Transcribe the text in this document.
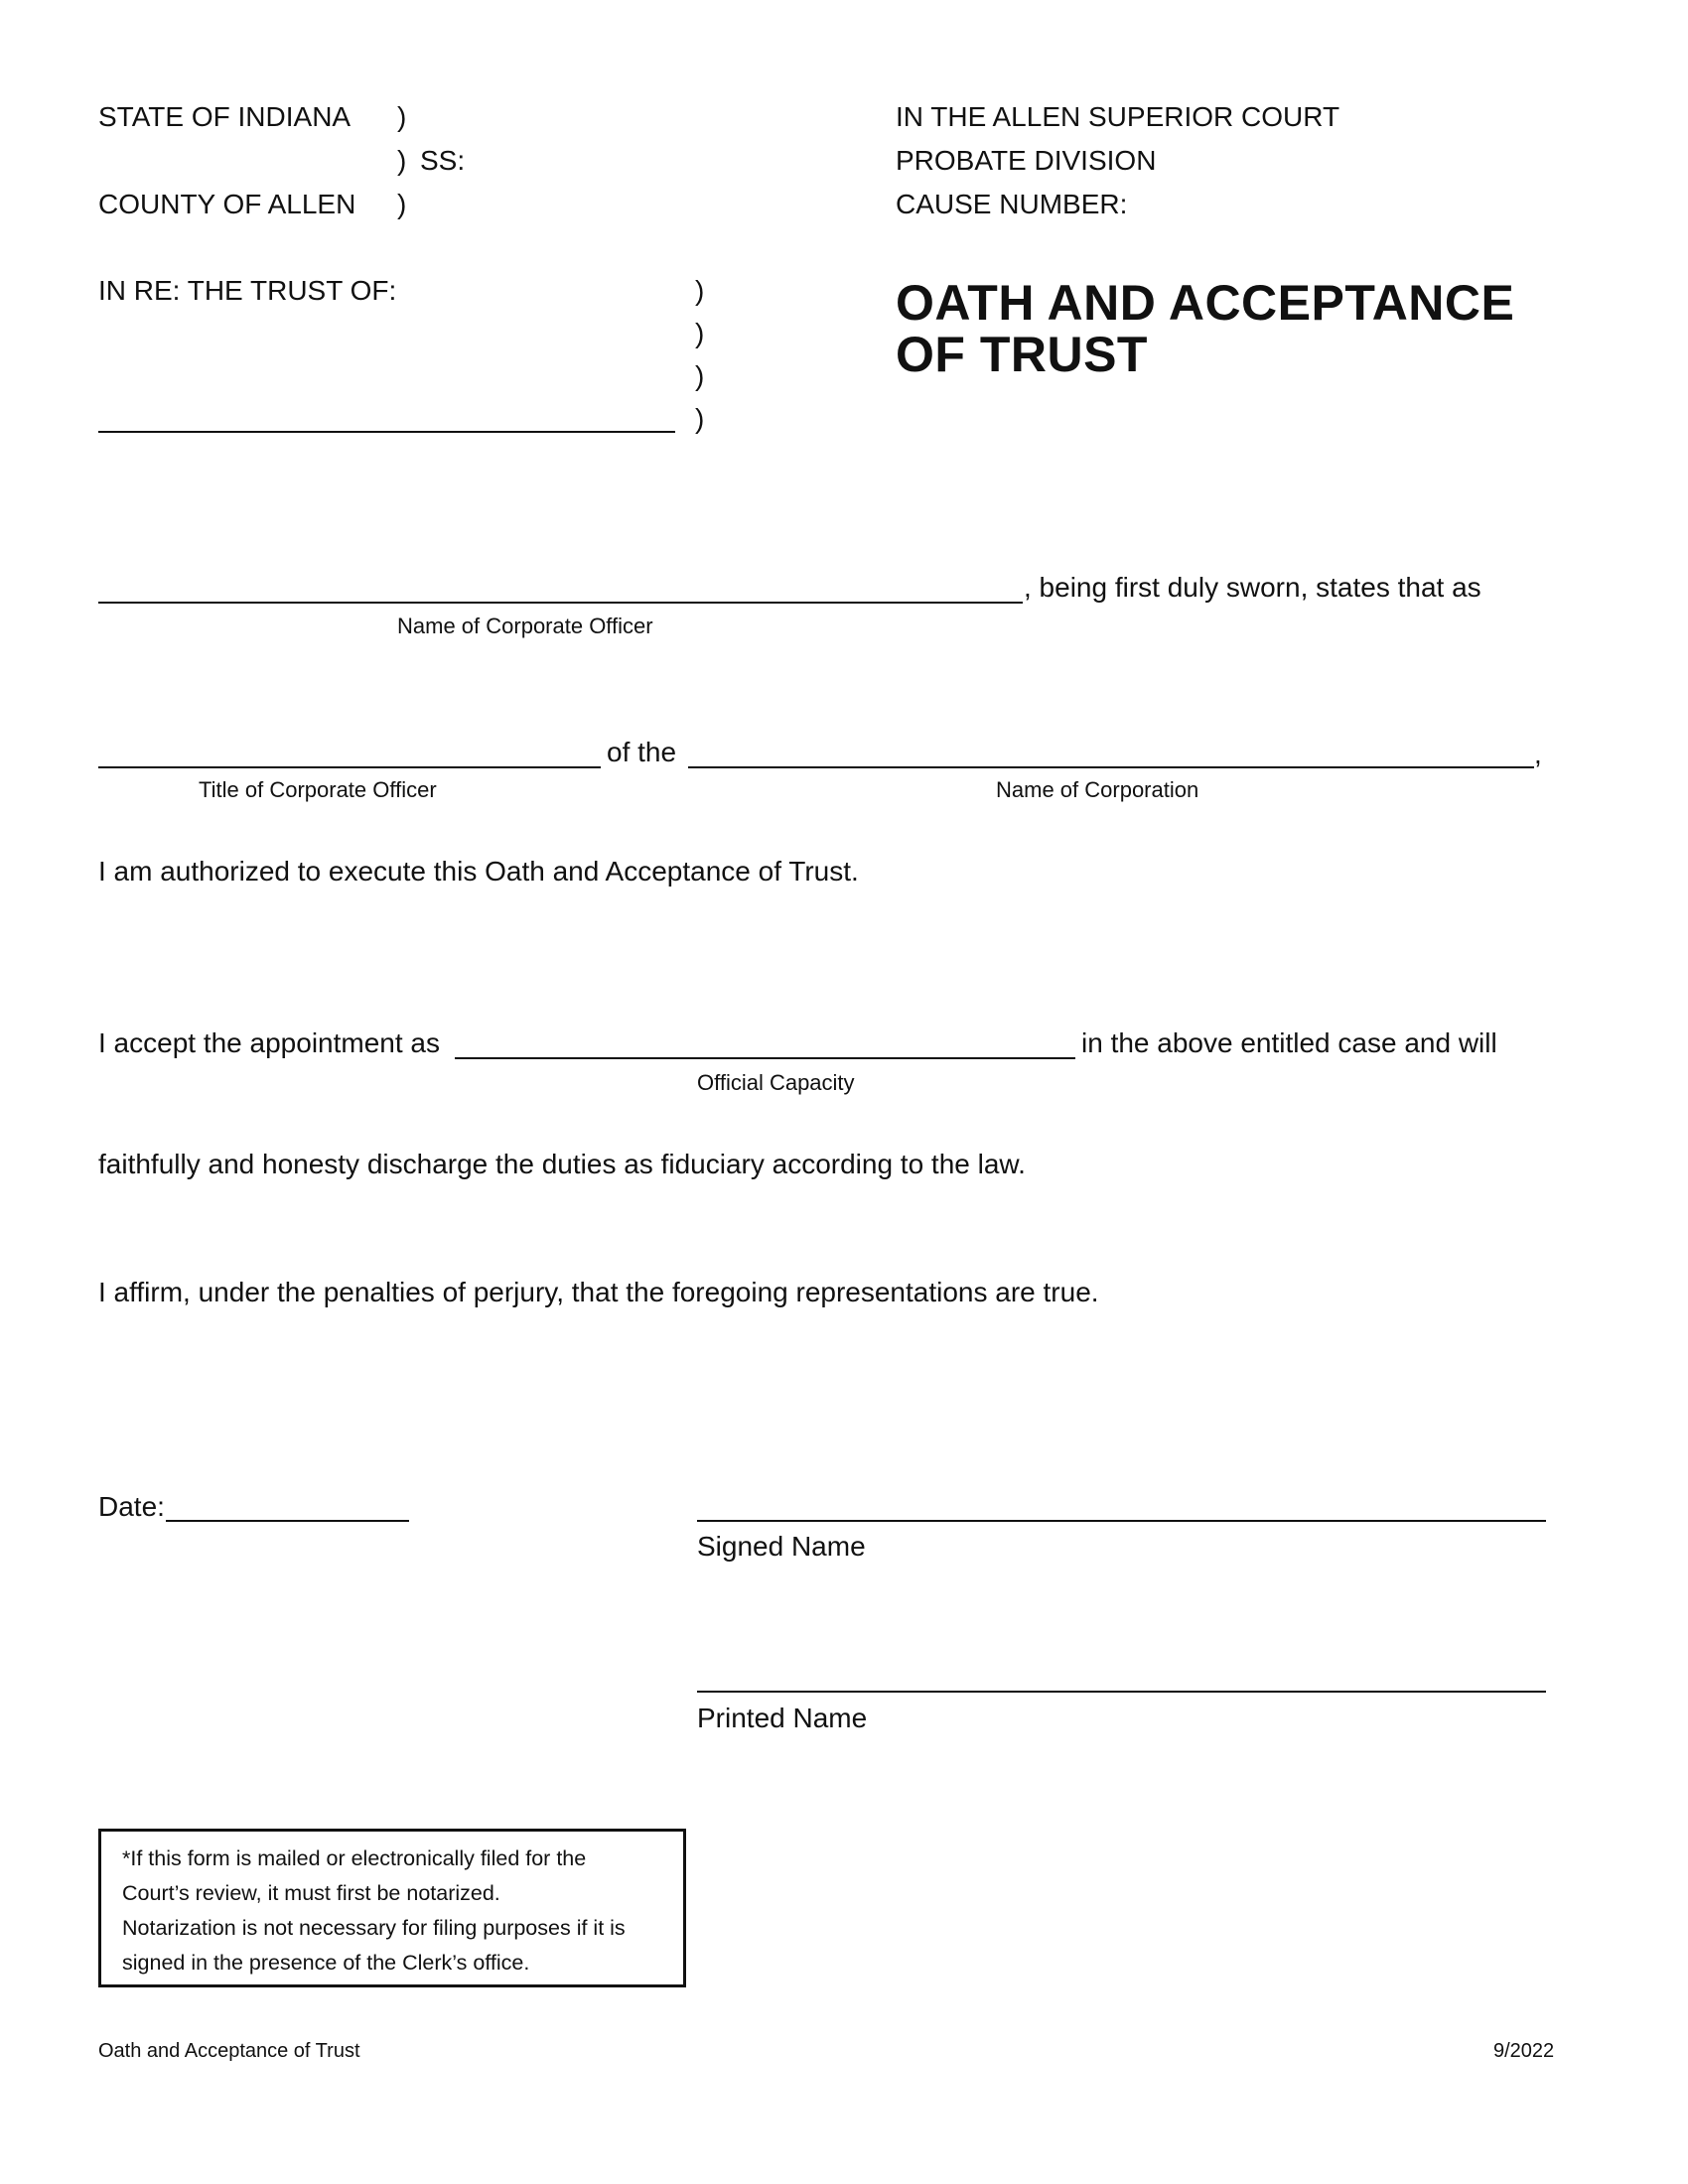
STATE OF INDIANA )
) SS:
COUNTY OF ALLEN )
IN THE ALLEN SUPERIOR COURT
PROBATE DIVISION
CAUSE NUMBER:
IN RE: THE TRUST OF:	)
)
)
)
OATH AND ACCEPTANCE
OF TRUST
, being first duly sworn, states that as
Name of Corporate Officer
of the	,
Title of Corporate Officer	Name of Corporation
I am authorized to execute this Oath and Acceptance of Trust.
I accept the appointment as	in the above entitled case and will
Official Capacity
faithfully and honesty discharge the duties as fiduciary according to the law.
I affirm, under the penalties of perjury, that the foregoing representations are true.
Date:
Signed Name
Printed Name
*If this form is mailed or electronically filed for the
Court’s review, it must first be notarized.
Notarization is not necessary for filing purposes if it is
signed in the presence of the Clerk’s office.
Oath and Acceptance of Trust	9/2022
